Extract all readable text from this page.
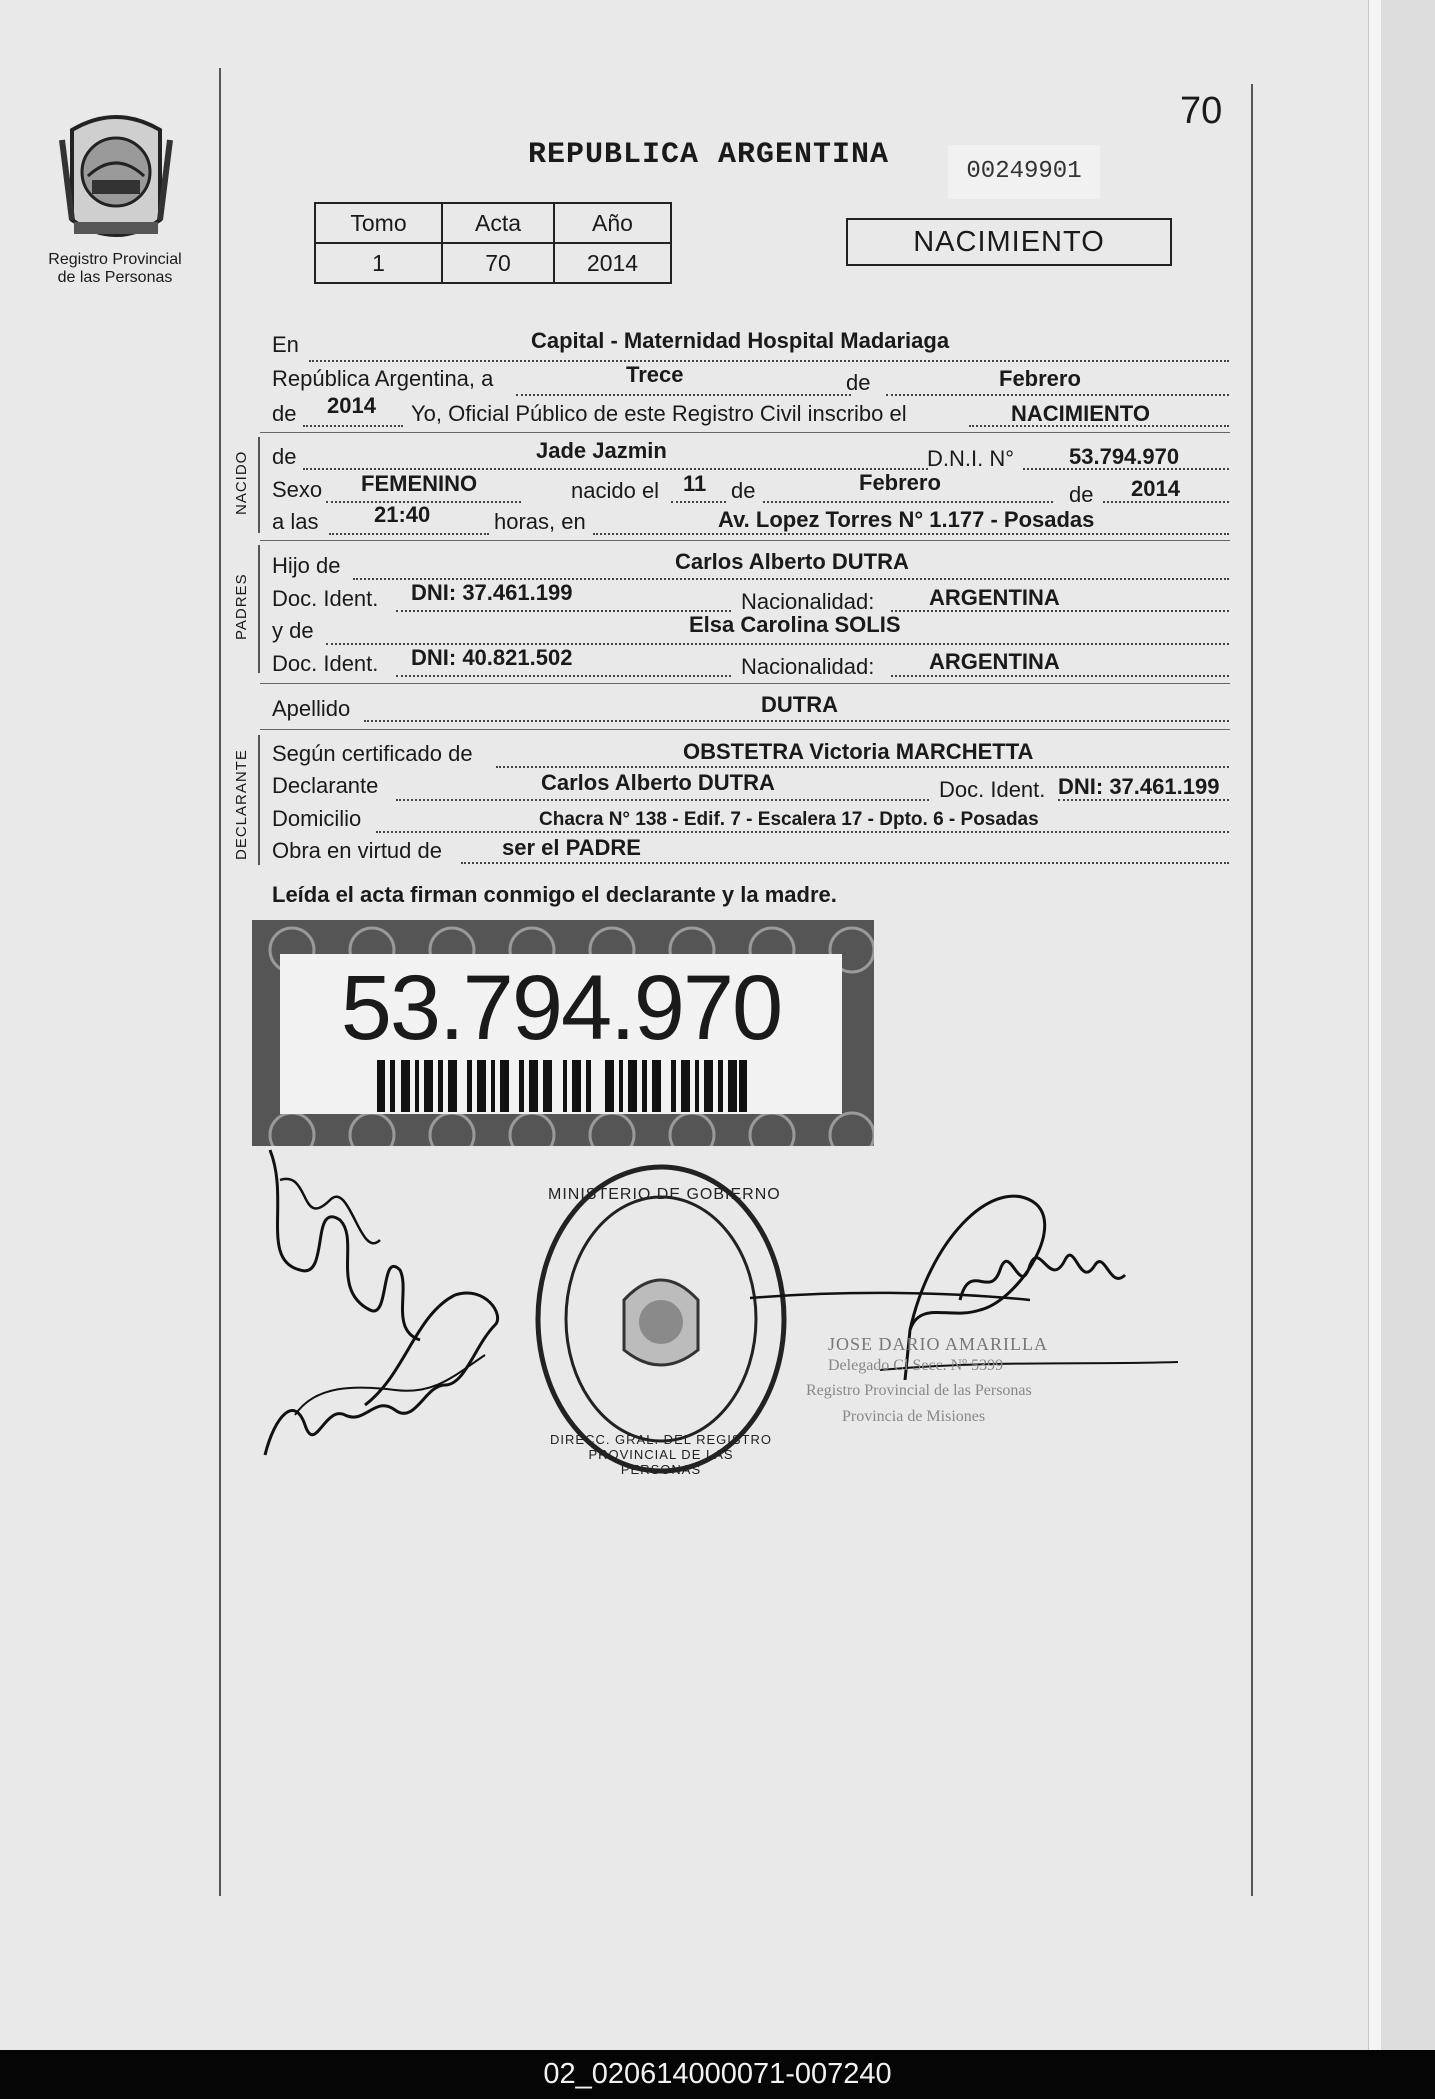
Registro Provincial
de las Personas
70
REPUBLICA ARGENTINA	00249901
Tomo	Acta	Año
1	70	2014
NACIMIENTO
En	Capital - Maternidad Hospital Madariaga
República Argentina, a	Trece	de	Febrero
de 2014 Yo, Oficial Público de este Registro Civil inscribo el	NACIMIENTO
NACIDO de	Jade Jazmin	D.N.I. N° 53.794.970
Sexo FEMENINO	nacido el 11 de	Febrero	de 2014
a las	21:40	horas, en	Av. Lopez Torres N° 1.177 - Posadas
PADRES
Hijo de	Carlos Alberto DUTRA
Doc. Ident. DNI: 37.461.199	Nacionalidad: ARGENTINA
y de	Elsa Carolina SOLIS
Doc. Ident. DNI: 40.821.502	Nacionalidad: ARGENTINA
Apellido	DUTRA
DECLARANTE Según certificado de	OBSTETRA Victoria MARCHETTA
Declarante	Carlos Alberto DUTRA	Doc. Ident. DNI: 37.461.199
Domicilio	Chacra N° 138 - Edif. 7 - Escalera 17 - Dpto. 6 - Posadas
Obra en virtud de	ser el PADRE
Leída el acta firman conmigo el declarante y la madre.
53.794.970
MINISTERIO DE GOBIERNO
DIRECC. GRAL. DEL REGISTRO PROVINCIAL DE LAS PERSONAS
JOSE DARIO AMARILLA
Delegado Cl Secc. Nº 5399
Registro Provincial de las Personas
Provincia de Misiones
02_020614000071-007240
